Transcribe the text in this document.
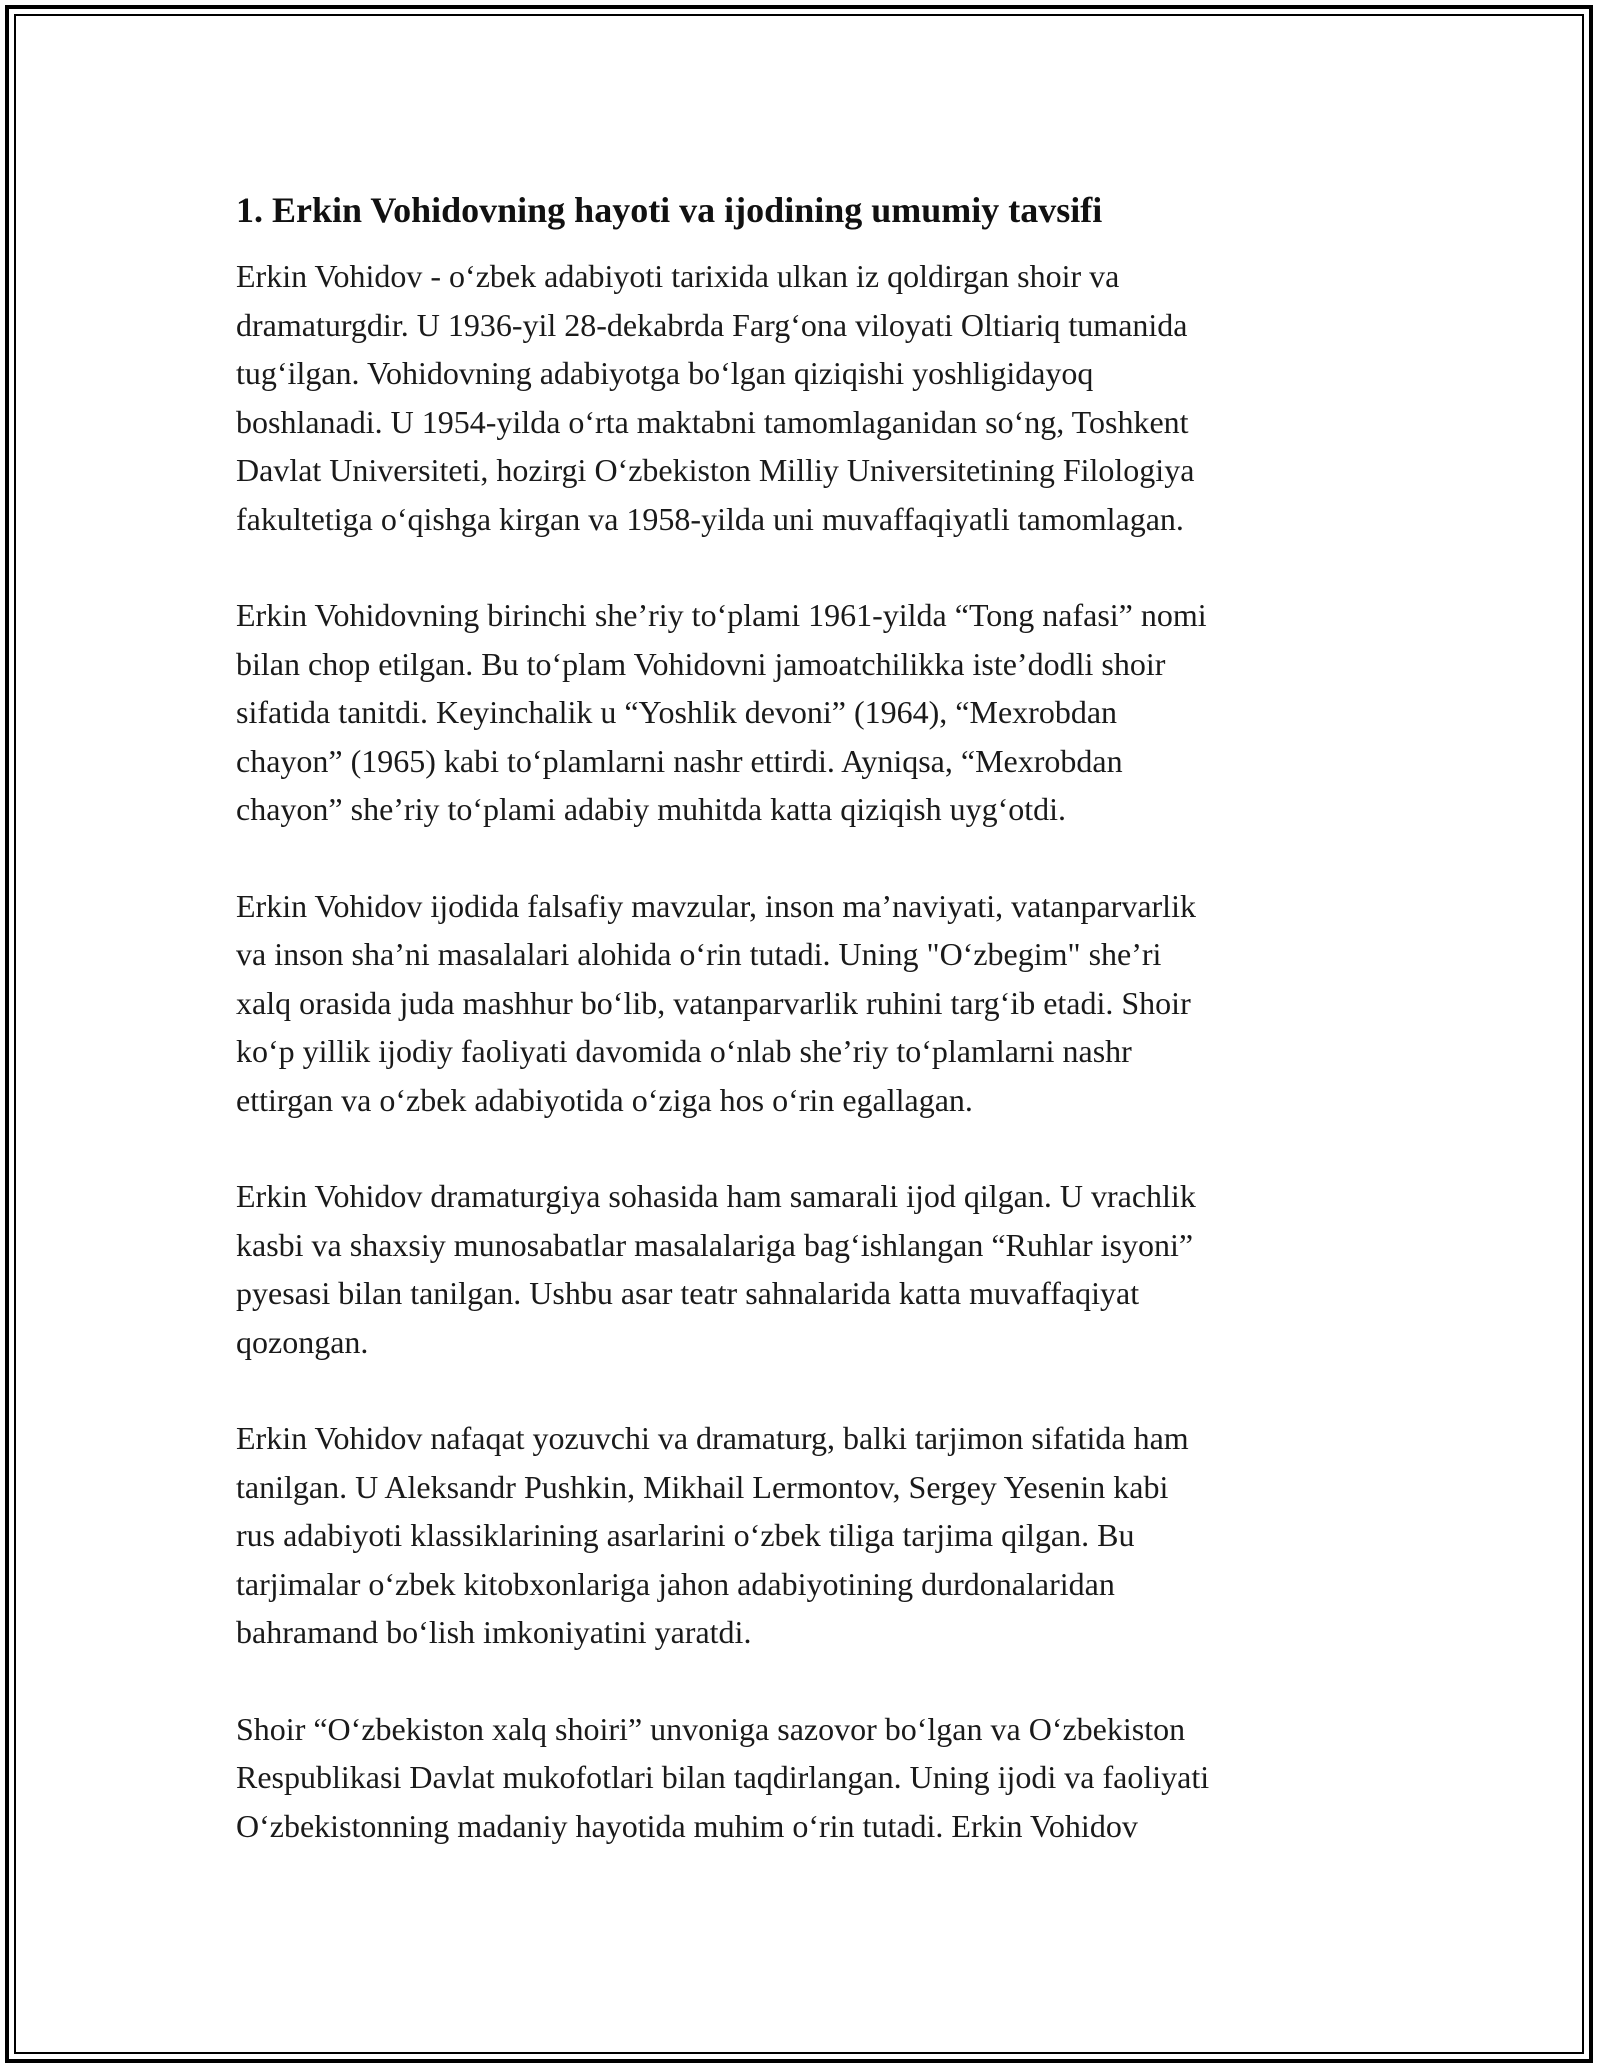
1. Erkin Vohidovning hayoti va ijodining umumiy tavsifi

Erkin Vohidov - oʻzbek adabiyoti tarixida ulkan iz qoldirgan shoir va
dramaturgdir. U 1936-yil 28-dekabrda Fargʻona viloyati Oltiariq tumanida
tugʻilgan. Vohidovning adabiyotga boʻlgan qiziqishi yoshligidayoq
boshlanadi. U 1954-yilda oʻrta maktabni tamomlaganidan soʻng, Toshkent
Davlat Universiteti, hozirgi Oʻzbekiston Milliy Universitetining Filologiya
fakultetiga oʻqishga kirgan va 1958-yilda uni muvaffaqiyatli tamomlagan.

Erkin Vohidovning birinchi she’riy toʻplami 1961-yilda “Tong nafasi” nomi
bilan chop etilgan. Bu toʻplam Vohidovni jamoatchilikka iste’dodli shoir
sifatida tanitdi. Keyinchalik u “Yoshlik devoni” (1964), “Mexrobdan
chayon” (1965) kabi toʻplamlarni nashr ettirdi. Ayniqsa, “Mexrobdan
chayon” she’riy toʻplami adabiy muhitda katta qiziqish uygʻotdi.

Erkin Vohidov ijodida falsafiy mavzular, inson ma’naviyati, vatanparvarlik
va inson sha’ni masalalari alohida oʻrin tutadi. Uning "Oʻzbegim" she’ri
xalq orasida juda mashhur boʻlib, vatanparvarlik ruhini targʻib etadi. Shoir
koʻp yillik ijodiy faoliyati davomida oʻnlab she’riy toʻplamlarni nashr
ettirgan va oʻzbek adabiyotida oʻziga hos oʻrin egallagan.

Erkin Vohidov dramaturgiya sohasida ham samarali ijod qilgan. U vrachlik
kasbi va shaxsiy munosabatlar masalalariga bagʻishlangan “Ruhlar isyoni”
pyesasi bilan tanilgan. Ushbu asar teatr sahnalarida katta muvaffaqiyat
qozongan.

Erkin Vohidov nafaqat yozuvchi va dramaturg, balki tarjimon sifatida ham
tanilgan. U Aleksandr Pushkin, Mikhail Lermontov, Sergey Yesenin kabi
rus adabiyoti klassiklarining asarlarini oʻzbek tiliga tarjima qilgan. Bu
tarjimalar oʻzbek kitobxonlariga jahon adabiyotining durdonalaridan
bahramand boʻlish imkoniyatini yaratdi.

Shoir “Oʻzbekiston xalq shoiri” unvoniga sazovor boʻlgan va Oʻzbekiston
Respublikasi Davlat mukofotlari bilan taqdirlangan. Uning ijodi va faoliyati
Oʻzbekistonning madaniy hayotida muhim oʻrin tutadi. Erkin Vohidov
